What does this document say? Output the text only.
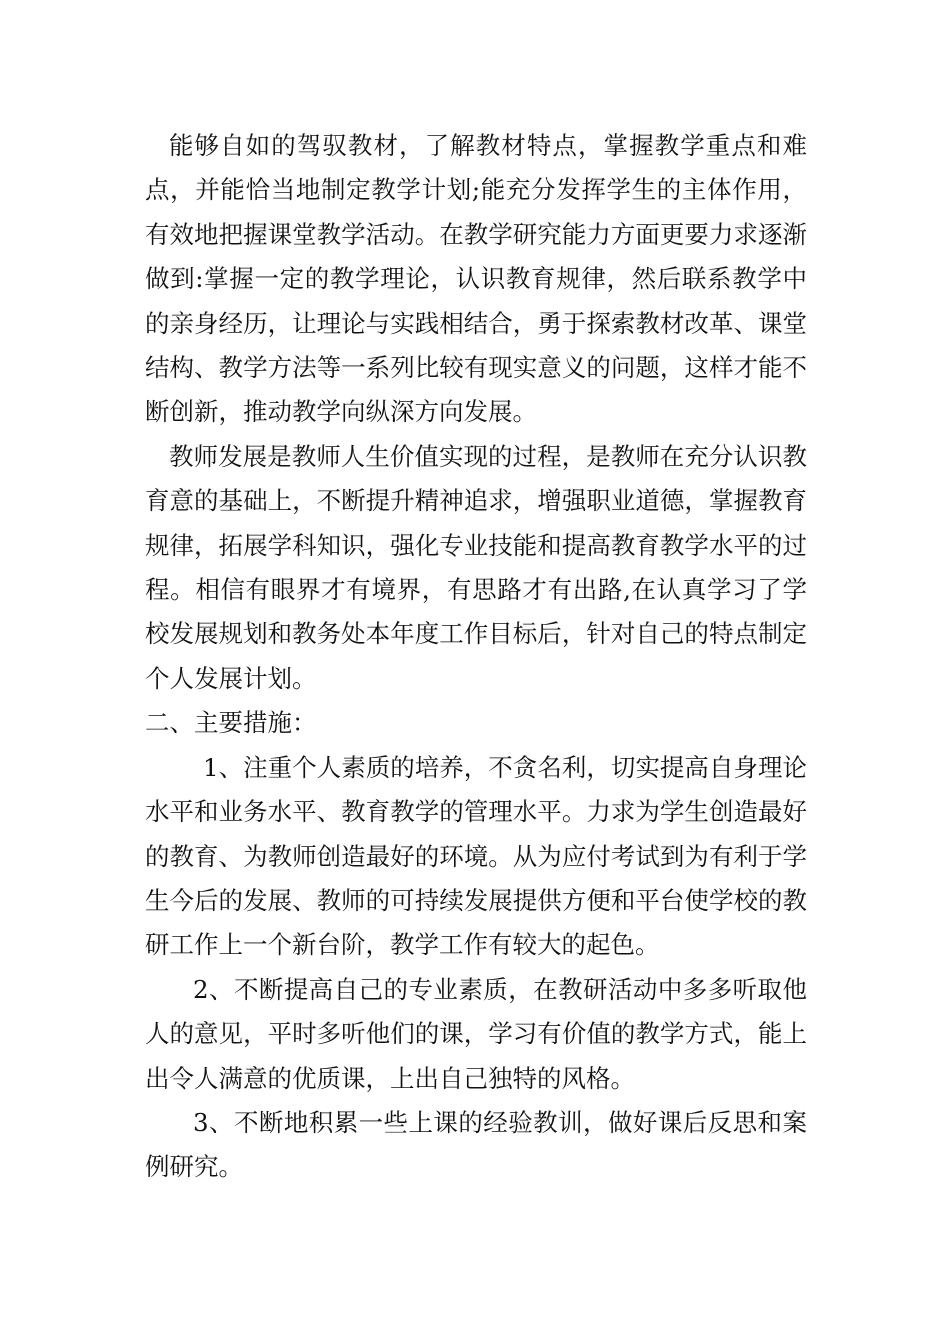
能够自如的驾驭教材，了解教材特点，掌握教学重点和难点，并能恰当地制定教学计划;能充分发挥学生的主体作用，有效地把握课堂教学活动。在教学研究能力方面更要力求逐渐做到:掌握一定的教学理论，认识教育规律，然后联系教学中的亲身经历，让理论与实践相结合，勇于探索教材改革、课堂结构、教学方法等一系列比较有现实意义的问题，这样才能不断创新，推动教学向纵深方向发展。

教师发展是教师人生价值实现的过程，是教师在充分认识教育意的基础上，不断提升精神追求，增强职业道德，掌握教育规律，拓展学科知识，强化专业技能和提高教育教学水平的过程。相信有眼界才有境界，有思路才有出路,在认真学习了学校发展规划和教务处本年度工作目标后，针对自己的特点制定个人发展计划。

二、主要措施：

1、注重个人素质的培养，不贪名利，切实提高自身理论水平和业务水平、教育教学的管理水平。力求为学生创造最好的教育、为教师创造最好的环境。从为应付考试到为有利于学生今后的发展、教师的可持续发展提供方便和平台使学校的教研工作上一个新台阶，教学工作有较大的起色。

2、不断提高自己的专业素质，在教研活动中多多听取他人的意见，平时多听他们的课，学习有价值的教学方式，能上出令人满意的优质课，上出自己独特的风格。

3、不断地积累一些上课的经验教训，做好课后反思和案例研究。
